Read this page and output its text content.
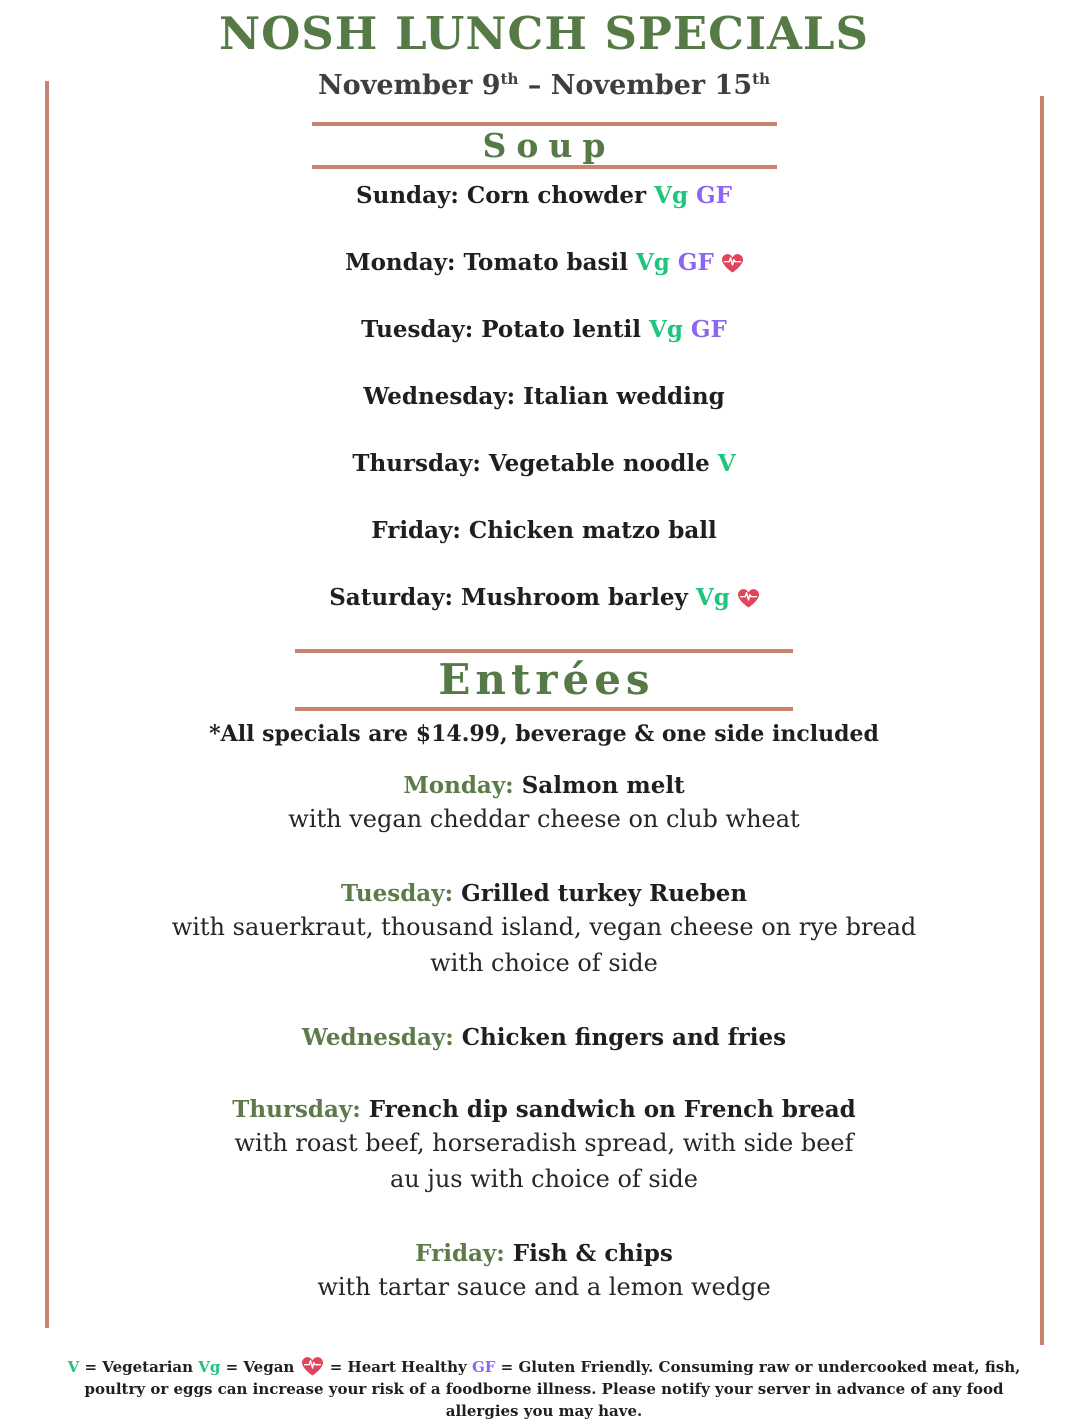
NOSH LUNCH SPECIALS
November 9th – November 15th
Soup
Sunday: Corn chowder Vg GF
Monday: Tomato basil Vg GF
Tuesday: Potato lentil Vg GF
Wednesday: Italian wedding
Thursday: Vegetable noodle V
Friday: Chicken matzo ball
Saturday: Mushroom barley Vg
Entrées
*All specials are $14.99, beverage & one side included
Monday: Salmon melt
with vegan cheddar cheese on club wheat
Tuesday: Grilled turkey Rueben
with sauerkraut, thousand island, vegan cheese on rye bread
with choice of side
Wednesday: Chicken fingers and fries
Thursday: French dip sandwich on French bread
with roast beef, horseradish spread, with side beef
au jus with choice of side
Friday: Fish & chips
with tartar sauce and a lemon wedge

V = Vegetarian Vg = Vegan  = Heart Healthy GF = Gluten Friendly. Consuming raw or undercooked meat, fish, poultry or eggs can increase your risk of a foodborne illness. Please notify your server in advance of any food allergies you may have.
